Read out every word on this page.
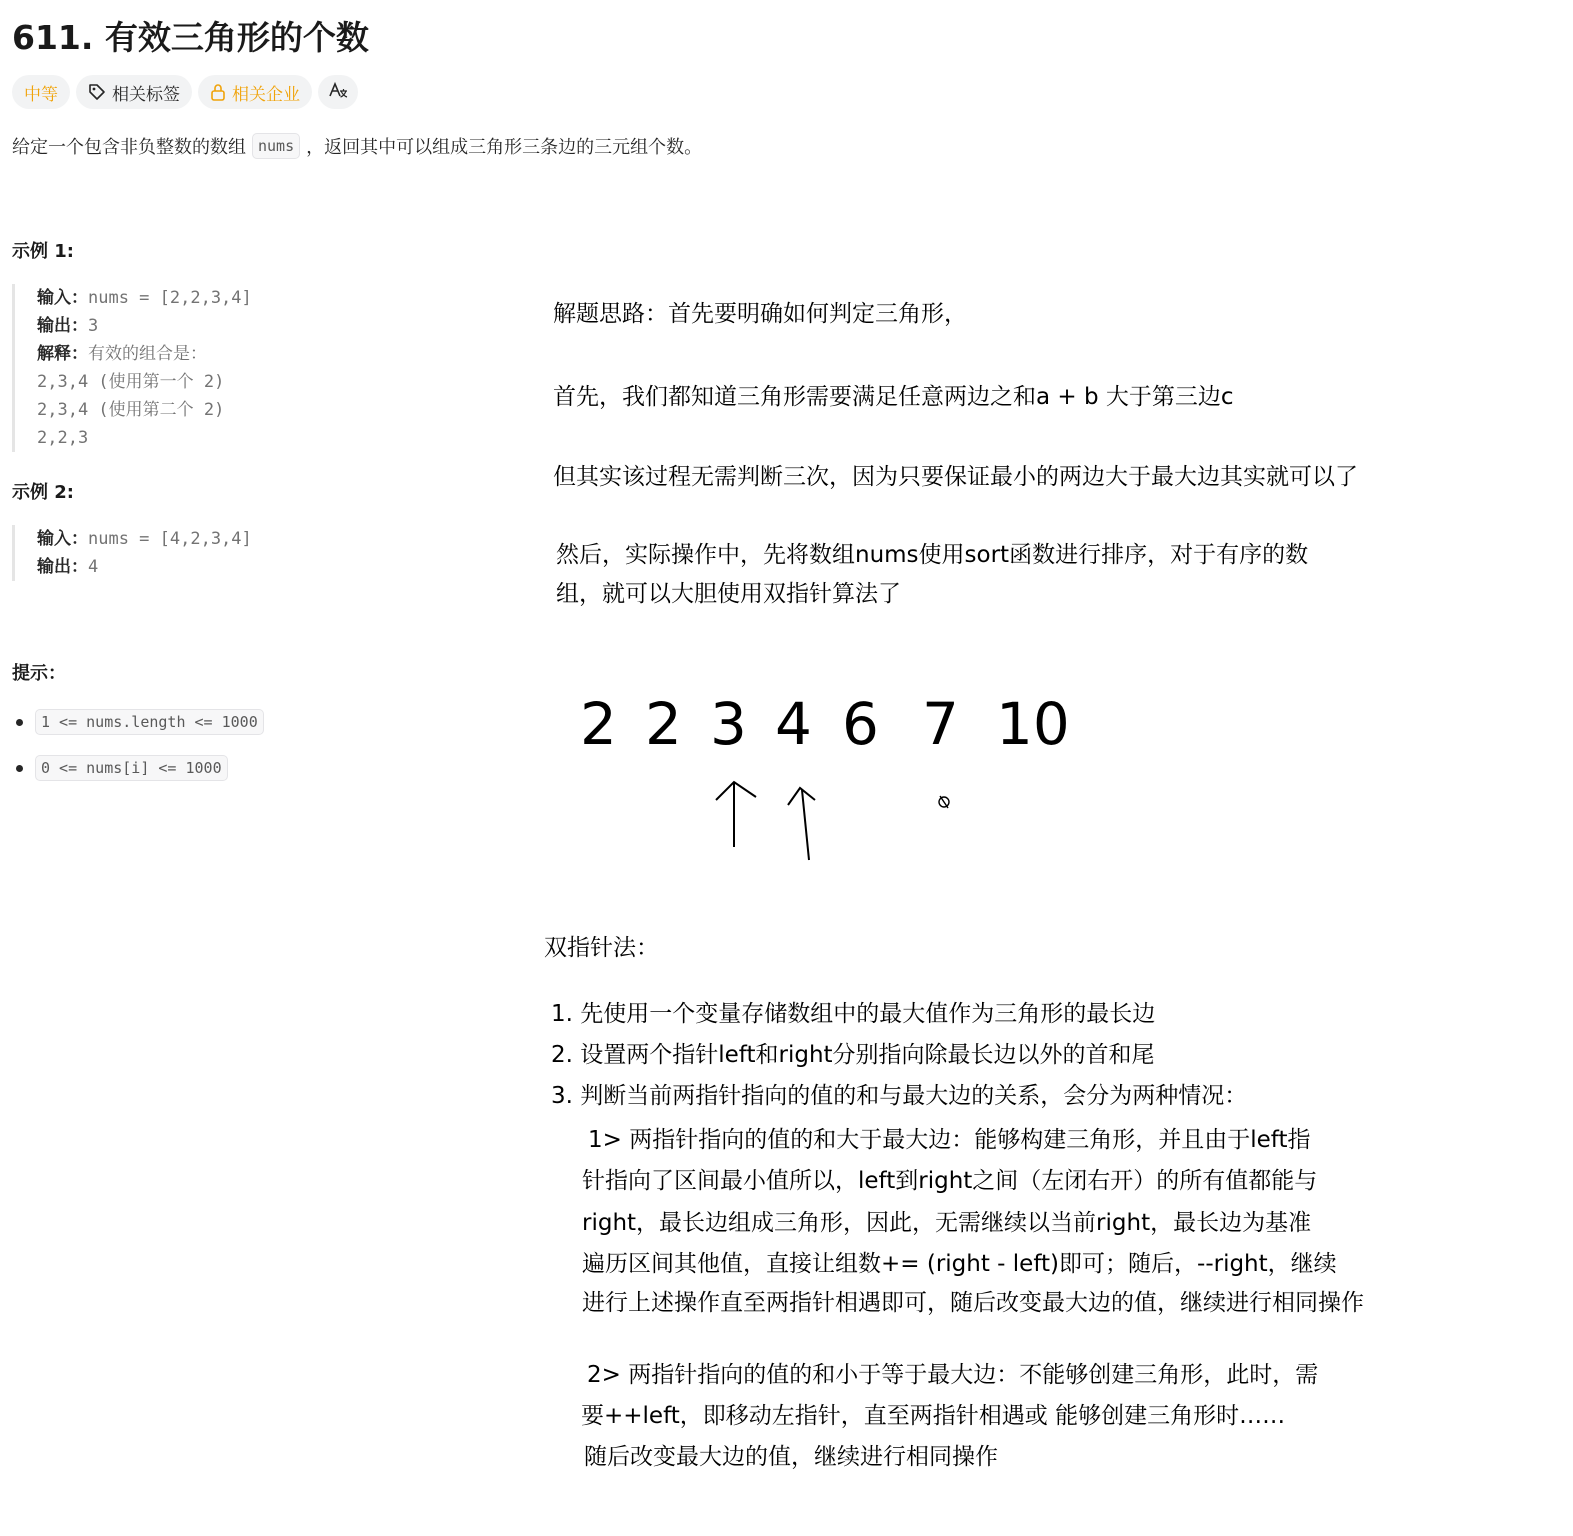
611. 有效三角形的个数
中等	相关标签	相关企业
给定一个包含非负整数的数组 nums ，返回其中可以组成三角形三条边的三元组个数。
示例 1:
输入：nums = [2,2,3,4]
输出：3
解释：有效的组合是：
2,3,4 (使用第一个 2)
2,3,4 (使用第二个 2)
2,2,3
示例 2:
输入：nums = [4,2,3,4]
输出：4
提示：
1 <= nums.length <= 1000
0 <= nums[i] <= 1000
解题思路：首先要明确如何判定三角形，
首先，我们都知道三角形需要满足任意两边之和a + b 大于第三边c
但其实该过程无需判断三次，因为只要保证最小的两边大于最大边其实就可以了
然后，实际操作中，先将数组nums使用sort函数进行排序，对于有序的数
组，就可以大胆使用双指针算法了
2 2 3 4 6 7 10
双指针法：
1. 先使用一个变量存储数组中的最大值作为三角形的最长边
2. 设置两个指针left和right分别指向除最长边以外的首和尾
3. 判断当前两指针指向的值的和与最大边的关系，会分为两种情况：
1> 两指针指向的值的和大于最大边：能够构建三角形，并且由于left指
针指向了区间最小值所以，left到right之间（左闭右开）的所有值都能与
right，最长边组成三角形，因此，无需继续以当前right，最长边为基准
遍历区间其他值，直接让组数+= (right - left)即可；随后，--right，继续
进行上述操作直至两指针相遇即可，随后改变最大边的值，继续进行相同操作
2> 两指针指向的值的和小于等于最大边：不能够创建三角形，此时，需
要++left，即移动左指针，直至两指针相遇或 能够创建三角形时……
随后改变最大边的值，继续进行相同操作
